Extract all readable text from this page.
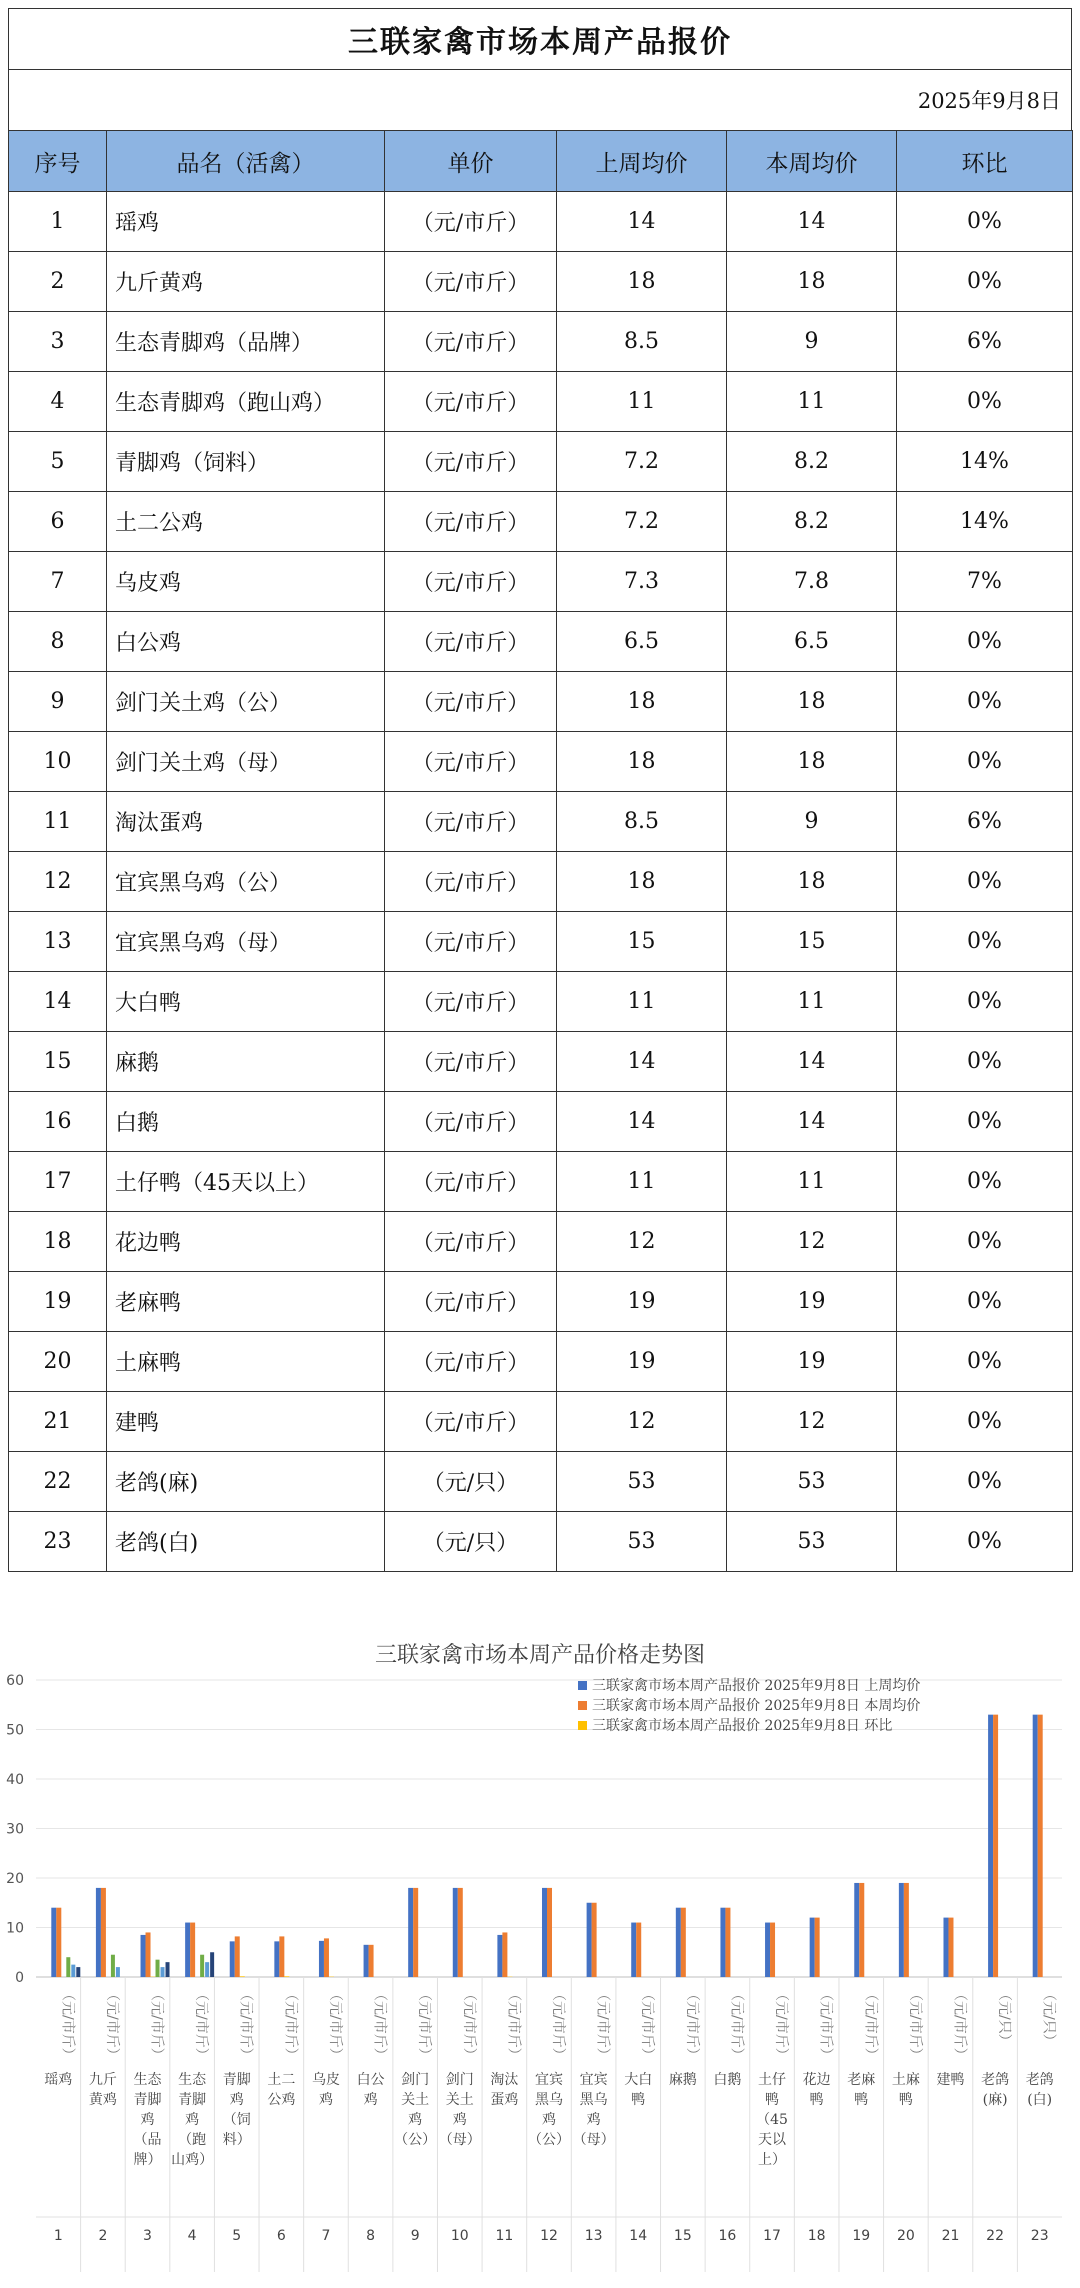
三联家禽市场本周产品报价
2025年9月8日
序号	品名（活禽）	单价	上周均价	本周均价	环比
1	瑶鸡	（元/市斤）	14	14	0%
2	九斤黄鸡	（元/市斤）	18	18	0%
3	生态青脚鸡（品牌）	（元/市斤）	8.5	9	6%
4	生态青脚鸡（跑山鸡）	（元/市斤）	11	11	0%
5	青脚鸡（饲料）	（元/市斤）	7.2	8.2	14%
6	土二公鸡	（元/市斤）	7.2	8.2	14%
7	乌皮鸡	（元/市斤）	7.3	7.8	7%
8	白公鸡	（元/市斤）	6.5	6.5	0%
9	剑门关土鸡（公）	（元/市斤）	18	18	0%
10	剑门关土鸡（母）	（元/市斤）	18	18	0%
11	淘汰蛋鸡	（元/市斤）	8.5	9	6%
12	宜宾黑乌鸡（公）	（元/市斤）	18	18	0%
13	宜宾黑乌鸡（母）	（元/市斤）	15	15	0%
14	大白鸭	（元/市斤）	11	11	0%
15	麻鹅	（元/市斤）	14	14	0%
16	白鹅	（元/市斤）	14	14	0%
17	土仔鸭（45天以上）	（元/市斤）	11	11	0%
18	花边鸭	（元/市斤）	12	12	0%
19	老麻鸭	（元/市斤）	19	19	0%
20	土麻鸭	（元/市斤）	19	19	0%
21	建鸭	（元/市斤）	12	12	0%
22	老鸽(麻)	（元/只）	53	53	0%
23	老鸽(白)	（元/只）	53	53	0%
三联家禽市场本周产品价格走势图
0
10
20
30
40
50
60
（元/市斤）
瑶鸡
1
（元/市斤）
九斤
黄鸡
2
（元/市斤）
生态
青脚
鸡
（品
牌）
3
（元/市斤）
生态
青脚
鸡
（跑
山鸡）
4
（元/市斤）
青脚
鸡
（饲
料）
5
（元/市斤）
土二
公鸡
6
（元/市斤）
乌皮
鸡
7
（元/市斤）
白公
鸡
8
（元/市斤）
剑门
关土
鸡
（公）
9
（元/市斤）
剑门
关土
鸡
（母）
10
（元/市斤）
淘汰
蛋鸡
11
（元/市斤）
宜宾
黑乌
鸡
（公）
12
（元/市斤）
宜宾
黑乌
鸡
（母）
13
（元/市斤）
大白
鸭
14
（元/市斤）
麻鹅
15
（元/市斤）
白鹅
16
（元/市斤）
土仔
鸭
（45
天以
上）
17
（元/市斤）
花边
鸭
18
（元/市斤）
老麻
鸭
19
（元/市斤）
土麻
鸭
20
（元/市斤）
建鸭
21
（元/只）
老鸽
(麻)
22
（元/只）
老鸽
(白)
23
三联家禽市场本周产品报价 2025年9月8日 上周均价
三联家禽市场本周产品报价 2025年9月8日 本周均价
三联家禽市场本周产品报价 2025年9月8日 环比
